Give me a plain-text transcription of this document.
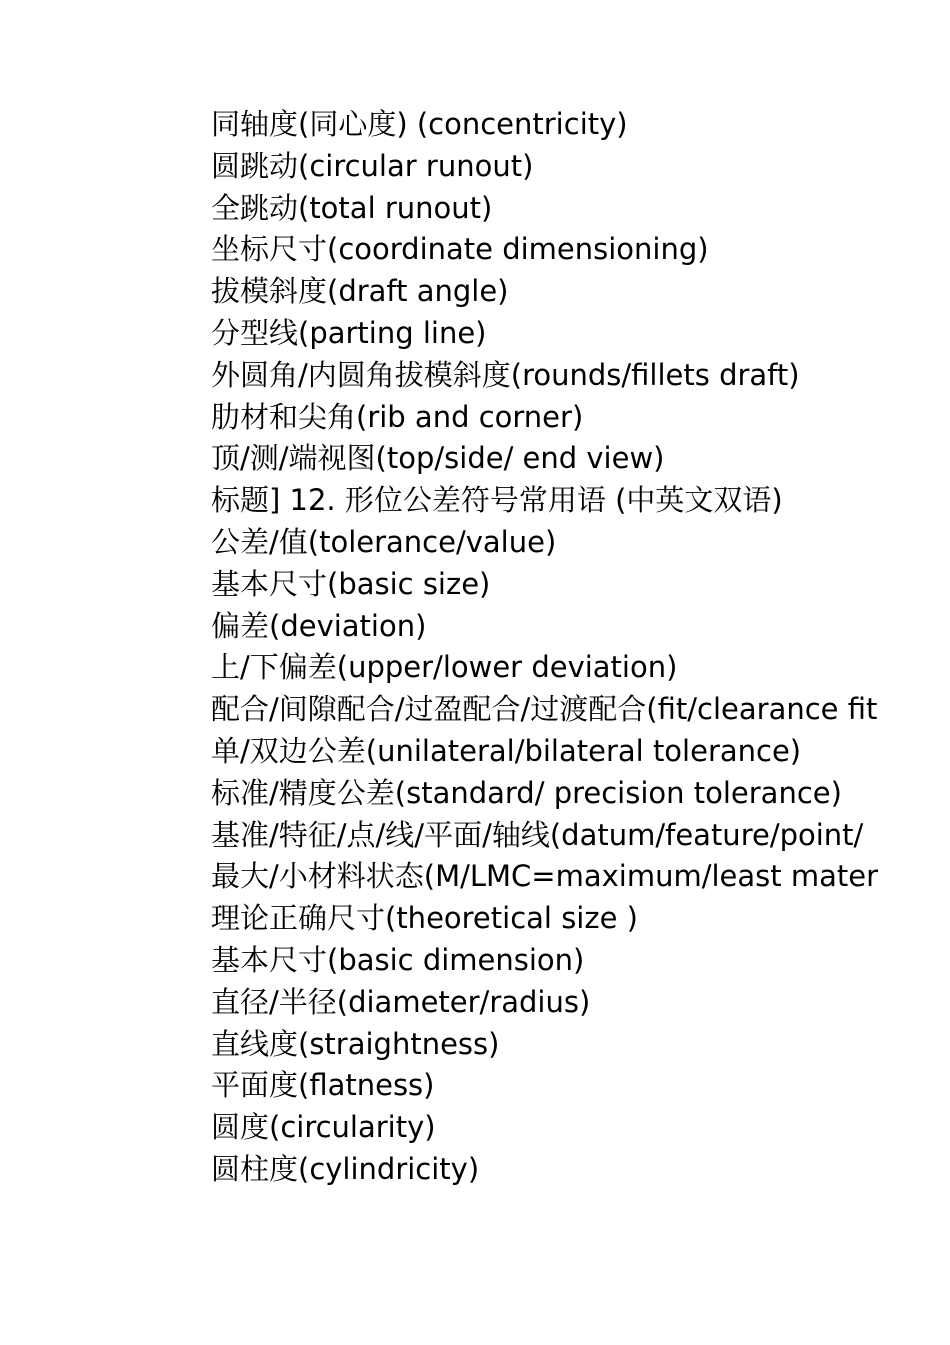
同轴度(同心度) (concentricity)
圆跳动(circular runout)
全跳动(total runout)
坐标尺寸(coordinate dimensioning)
拔模斜度(draft angle)
分型线(parting line)
外圆角/内圆角拔模斜度(rounds/fillets draft)
肋材和尖角(rib and corner)
顶/测/端视图(top/side/ end view)
标题] 12. 形位公差符号常用语 (中英文双语)
公差/值(tolerance/value)
基本尺寸(basic size)
偏差(deviation)
上/下偏差(upper/lower deviation)
配合/间隙配合/过盈配合/过渡配合(fit/clearance fit
单/双边公差(unilateral/bilateral tolerance)
标准/精度公差(standard/ precision tolerance)
基准/特征/点/线/平面/轴线(datum/feature/point/
最大/小材料状态(M/LMC=maximum/least mater
理论正确尺寸(theoretical size )
基本尺寸(basic dimension)
直径/半径(diameter/radius)
直线度(straightness)
平面度(flatness)
圆度(circularity)
圆柱度(cylindricity)
